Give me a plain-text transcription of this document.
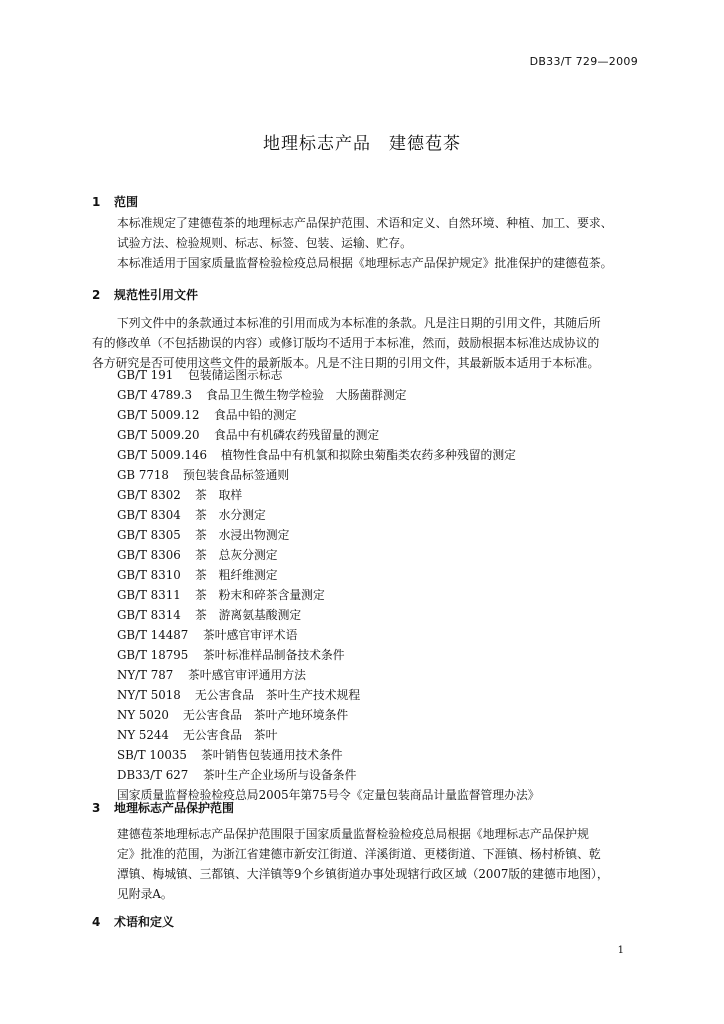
DB33/T 729—2009
地理标志产品　建德苞茶
1 范围
本标准规定了建德苞茶的地理标志产品保护范围、术语和定义、自然环境、种植、加工、要求、
试验方法、检验规则、标志、标签、包装、运输、贮存。
本标准适用于国家质量监督检验检疫总局根据《地理标志产品保护规定》批准保护的建德苞茶。
2 规范性引用文件
下列文件中的条款通过本标准的引用而成为本标准的条款。凡是注日期的引用文件，其随后所
有的修改单（不包括勘误的内容）或修订版均不适用于本标准，然而，鼓励根据本标准达成协议的
各方研究是否可使用这些文件的最新版本。凡是不注日期的引用文件，其最新版本适用于本标准。
GB/T 191 包装储运图示标志
GB/T 4789.3 食品卫生微生物学检验　大肠菌群测定
GB/T 5009.12 食品中铅的测定
GB/T 5009.20 食品中有机磷农药残留量的测定
GB/T 5009.146 植物性食品中有机氯和拟除虫菊酯类农药多种残留的测定
GB 7718 预包装食品标签通则
GB/T 8302 茶　取样
GB/T 8304 茶　水分测定
GB/T 8305 茶　水浸出物测定
GB/T 8306 茶　总灰分测定
GB/T 8310 茶　粗纤维测定
GB/T 8311 茶　粉末和碎茶含量测定
GB/T 8314 茶　游离氨基酸测定
GB/T 14487 茶叶感官审评术语
GB/T 18795 茶叶标准样品制备技术条件
NY/T 787 茶叶感官审评通用方法
NY/T 5018 无公害食品　茶叶生产技术规程
NY 5020 无公害食品　茶叶产地环境条件
NY 5244 无公害食品　茶叶
SB/T 10035 茶叶销售包装通用技术条件
DB33/T 627 茶叶生产企业场所与设备条件
国家质量监督检验检疫总局2005年第75号令《定量包装商品计量监督管理办法》
3 地理标志产品保护范围
建德苞茶地理标志产品保护范围限于国家质量监督检验检疫总局根据《地理标志产品保护规
定》批准的范围，为浙江省建德市新安江街道、洋溪街道、更楼街道、下涯镇、杨村桥镇、乾
潭镇、梅城镇、三都镇、大洋镇等9个乡镇街道办事处现辖行政区域（2007版的建德市地图），
见附录A。
4 术语和定义
1
